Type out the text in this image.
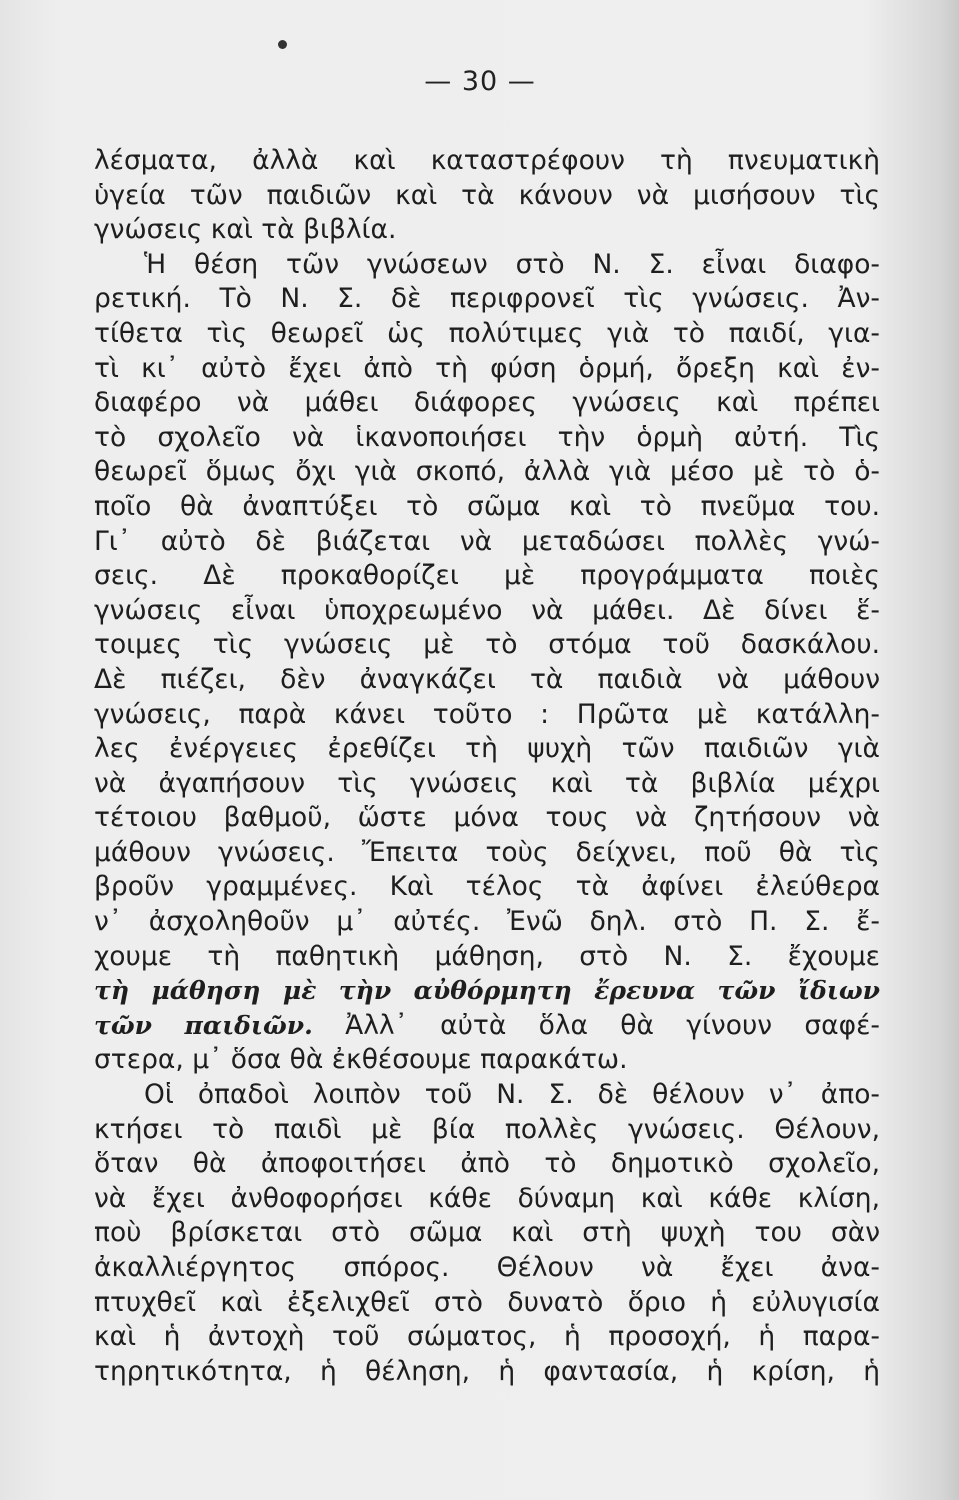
— 30 —
λέσματα, ἀλλὰ καὶ καταστρέφουν τὴ πνευματικὴ
ὑγεία τῶν παιδιῶν καὶ τὰ κάνουν νὰ μισήσουν τὶς
γνώσεις καὶ τὰ βιβλία.
Ἡ θέση τῶν γνώσεων στὸ Ν. Σ. εἶναι διαφο-
ρετική. Τὸ Ν. Σ. δὲ περιφρονεῖ τὶς γνώσεις. Ἀν-
τίθετα τὶς θεωρεῖ ὡς πολύτιμες γιὰ τὸ παιδί, για-
τὶ κι᾽ αὐτὸ ἔχει ἀπὸ τὴ φύση ὁρμή, ὄρεξη καὶ ἐν-
διαφέρο νὰ μάθει διάφορες γνώσεις καὶ πρέπει
τὸ σχολεῖο νὰ ἱκανοποιήσει τὴν ὁρμὴ αὐτή. Τὶς
θεωρεῖ ὅμως ὄχι γιὰ σκοπό, ἀλλὰ γιὰ μέσο μὲ τὸ ὁ-
ποῖο θὰ ἀναπτύξει τὸ σῶμα καὶ τὸ πνεῦμα του.
Γι᾽ αὐτὸ δὲ βιάζεται νὰ μεταδώσει πολλὲς γνώ-
σεις. Δὲ προκαθορίζει μὲ προγράμματα ποιὲς
γνώσεις εἶναι ὑποχρεωμένο νὰ μάθει. Δὲ δίνει ἕ-
τοιμες τὶς γνώσεις μὲ τὸ στόμα τοῦ δασκάλου.
Δὲ πιέζει, δὲν ἀναγκάζει τὰ παιδιὰ νὰ μάθουν
γνώσεις, παρὰ κάνει τοῦτο : Πρῶτα μὲ κατάλλη-
λες ἐνέργειες ἐρεθίζει τὴ ψυχὴ τῶν παιδιῶν γιὰ
νὰ ἀγαπήσουν τὶς γνώσεις καὶ τὰ βιβλία μέχρι
τέτοιου βαθμοῦ, ὥστε μόνα τους νὰ ζητήσουν νὰ
μάθουν γνώσεις. Ἔπειτα τοὺς δείχνει, ποῦ θὰ τὶς
βροῦν γραμμένες. Καὶ τέλος τὰ ἀφίνει ἐλεύθερα
ν᾽ ἀσχοληθοῦν μ᾽ αὐτές. Ἐνῶ δηλ. στὸ Π. Σ. ἔ-
χουμε τὴ παθητικὴ μάθηση, στὸ Ν. Σ. ἔχουμε
τὴ μάθηση μὲ τὴν αὐθόρμητη ἔρευνα τῶν ἴδιων
τῶν παιδιῶν. Ἀλλ᾽ αὐτὰ ὅλα θὰ γίνουν σαφέ-
στερα, μ᾽ ὅσα θὰ ἐκθέσουμε παρακάτω.
Οἱ ὀπαδοὶ λοιπὸν τοῦ Ν. Σ. δὲ θέλουν ν᾽ ἀπο-
κτήσει τὸ παιδὶ μὲ βία πολλὲς γνώσεις. Θέλουν,
ὅταν θὰ ἀποφοιτήσει ἀπὸ τὸ δημοτικὸ σχολεῖο,
νὰ ἔχει ἀνθοφορήσει κάθε δύναμη καὶ κάθε κλίση,
ποὺ βρίσκεται στὸ σῶμα καὶ στὴ ψυχὴ του σὰν
ἀκαλλιέργητος σπόρος. Θέλουν νὰ ἔχει ἀνα-
πτυχθεῖ καὶ ἐξελιχθεῖ στὸ δυνατὸ ὅριο ἡ εὐλυγισία
καὶ ἡ ἀντοχὴ τοῦ σώματος, ἡ προσοχή, ἡ παρα-
τηρητικότητα, ἡ θέληση, ἡ φαντασία, ἡ κρίση, ἡ
